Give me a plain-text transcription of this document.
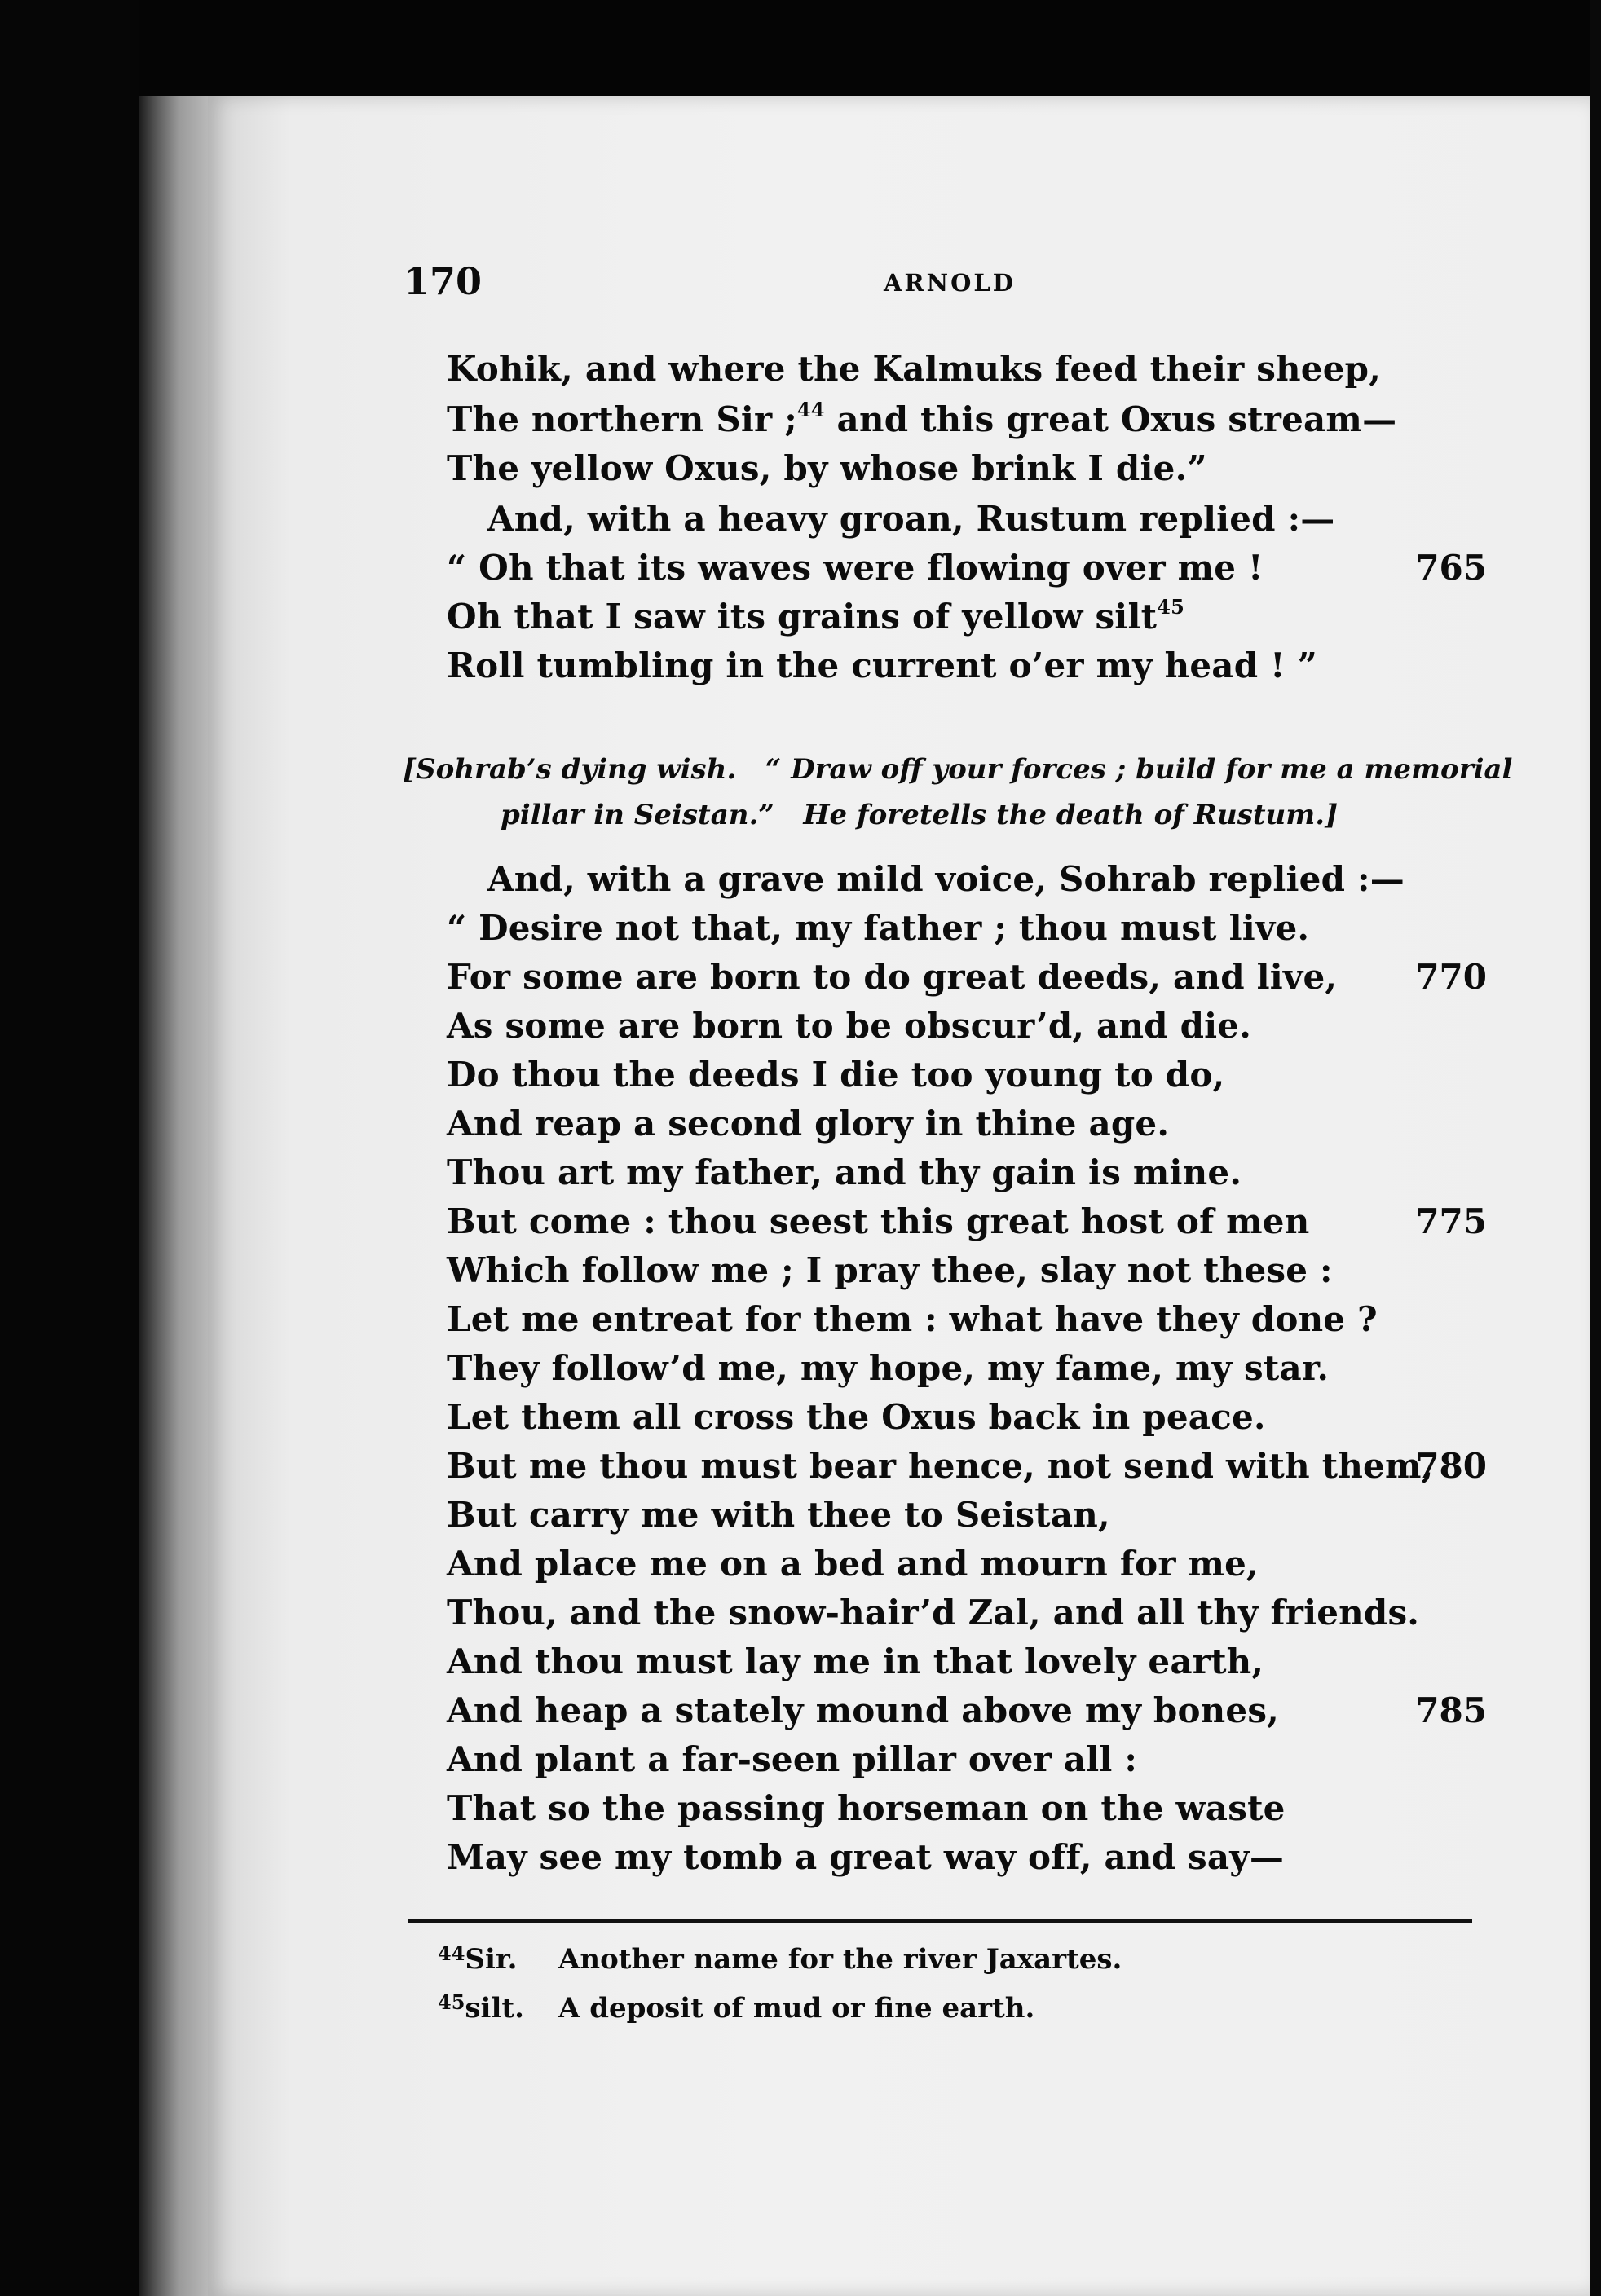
170	ARNOLD
Kohik, and where the Kalmuks feed their sheep,
The northern Sir ;$^{44}$ and this great Oxus stream—
The yellow Oxus, by whose brink I die.”
And, with a heavy groan, Rustum replied :—
“ Oh that its waves were flowing over me !	765
Oh that I saw its grains of yellow silt$^{45}$
Roll tumbling in the current o’er my head ! ”
[Sohrab’s dying wish. “ Draw off your forces ; build for me a memorial
pillar in Seistan.” He foretells the death of Rustum.]
And, with a grave mild voice, Sohrab replied :—
“ Desire not that, my father ; thou must live.
For some are born to do great deeds, and live, 770
As some are born to be obscur’d, and die.
Do thou the deeds I die too young to do,
And reap a second glory in thine age.
Thou art my father, and thy gain is mine.
But come : thou seest this great host of men	775
Which follow me ; I pray thee, slay not these :
Let me entreat for them : what have they done ?
They follow’d me, my hope, my fame, my star.
Let them all cross the Oxus back in peace.
But me thou must bear hence, not send with them,
780
But carry me with thee to Seistan,
And place me on a bed and mourn for me,
Thou, and the snow-hair’d Zal, and all thy friends.
And thou must lay me in that lovely earth,
And heap a stately mound above my bones,	785
And plant a far-seen pillar over all :
That so the passing horseman on the waste
May see my tomb a great way off, and say—
$^{44}$Sir. Another name for the river Jaxartes.
$^{45}$silt. A deposit of mud or fine earth.
